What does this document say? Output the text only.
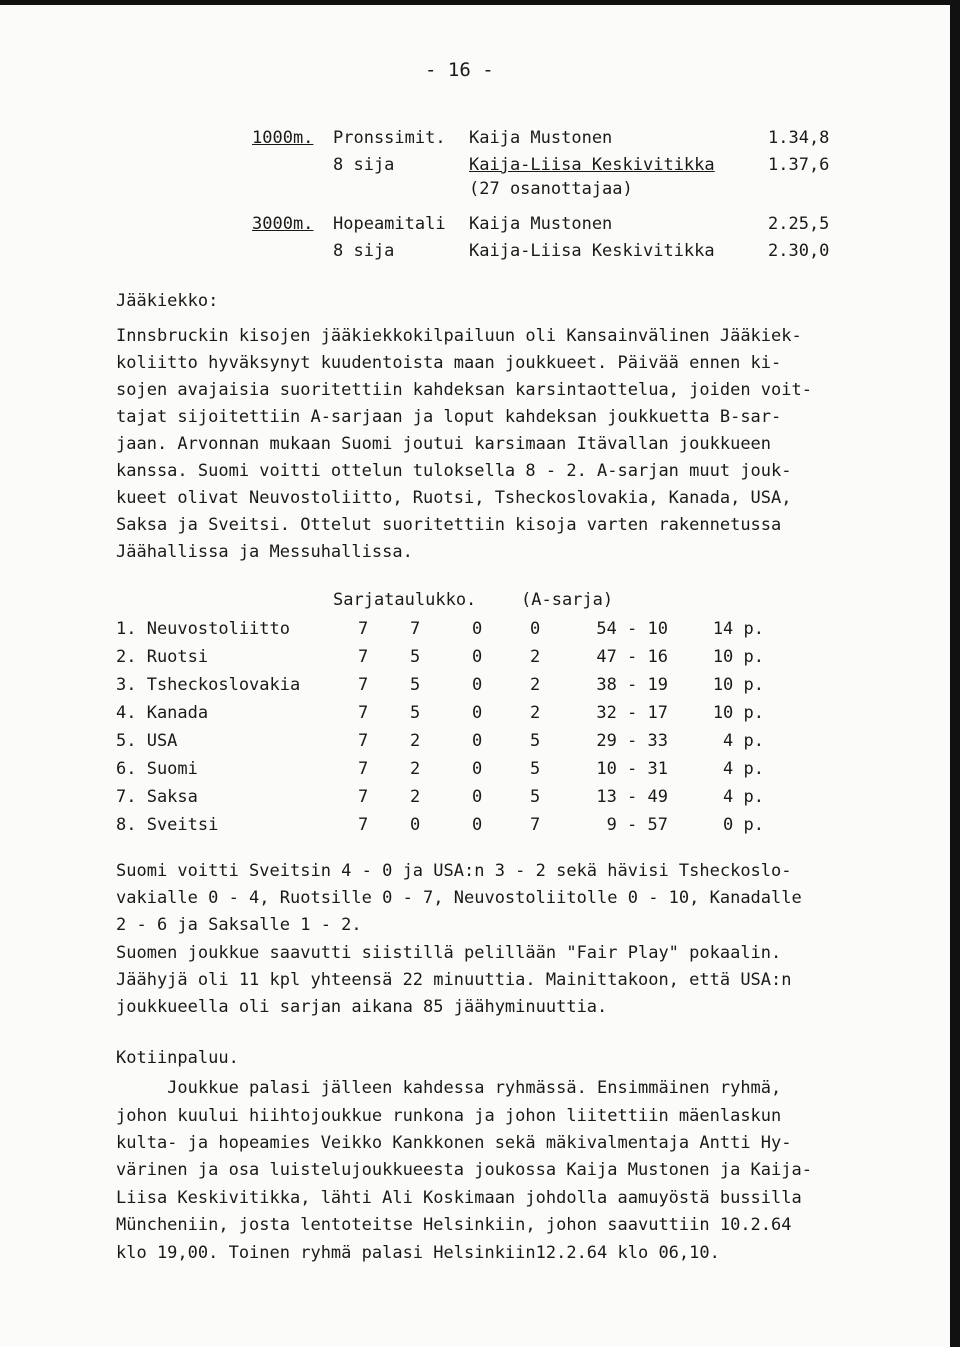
- 16 -
1000m. Pronssimit. Kaija Mustonen	1.34,8
8 sija	Kaija-Liisa Keskivitikka	1.37,6
(27 osanottajaa)
3000m. Hopeamitali Kaija Mustonen	2.25,5
8 sija	Kaija-Liisa Keskivitikka	2.30,0
Jääkiekko:
Innsbruckin kisojen jääkiekkokilpailuun oli Kansainvälinen Jääkiek-
koliitto hyväksynyt kuudentoista maan joukkueet. Päivää ennen ki-
sojen avajaisia suoritettiin kahdeksan karsintaottelua, joiden voit-
tajat sijoitettiin A-sarjaan ja loput kahdeksan joukkuetta B-sar-
jaan. Arvonnan mukaan Suomi joutui karsimaan Itävallan joukkueen
kanssa. Suomi voitti ottelun tuloksella 8 - 2. A-sarjan muut jouk-
kueet olivat Neuvostoliitto, Ruotsi, Tsheckoslovakia, Kanada, USA,
Saksa ja Sveitsi. Ottelut suoritettiin kisoja varten rakennetussa
Jäähallissa ja Messuhallissa.
Sarjataulukko.	(A-sarja)
1. Neuvostoliitto	7 7	0	0	54 - 10	14 p.
2. Ruotsi	7 5	0	2	47 - 16	10 p.
3. Tsheckoslovakia	7 5	0	2	38 - 19	10 p.
4. Kanada	7 5	0	2	32 - 17	10 p.
5. USA	7 2	0	5	29 - 33	4 p.
6. Suomi	7 2	0	5	10 - 31	4 p.
7. Saksa	7 2	0	5	13 - 49	4 p.
8. Sveitsi	7 0	0	7	9 - 57	0 p.
Suomi voitti Sveitsin 4 - 0 ja USA:n 3 - 2 sekä hävisi Tsheckoslo-
vakialle 0 - 4, Ruotsille 0 - 7, Neuvostoliitolle 0 - 10, Kanadalle
2 - 6 ja Saksalle 1 - 2.
Suomen joukkue saavutti siistillä pelillään "Fair Play" pokaalin.
Jäähyjä oli 11 kpl yhteensä 22 minuuttia. Mainittakoon, että USA:n
joukkueella oli sarjan aikana 85 jäähyminuuttia.
Kotiinpaluu.
Joukkue palasi jälleen kahdessa ryhmässä. Ensimmäinen ryhmä,
johon kuului hiihtojoukkue runkona ja johon liitettiin mäenlaskun
kulta- ja hopeamies Veikko Kankkonen sekä mäkivalmentaja Antti Hy-
värinen ja osa luistelujoukkueesta joukossa Kaija Mustonen ja Kaija-
Liisa Keskivitikka, lähti Ali Koskimaan johdolla aamuyöstä bussilla
Müncheniin, josta lentoteitse Helsinkiin, johon saavuttiin 10.2.64
klo 19,00. Toinen ryhmä palasi Helsinkiin12.2.64 klo 06,10.
